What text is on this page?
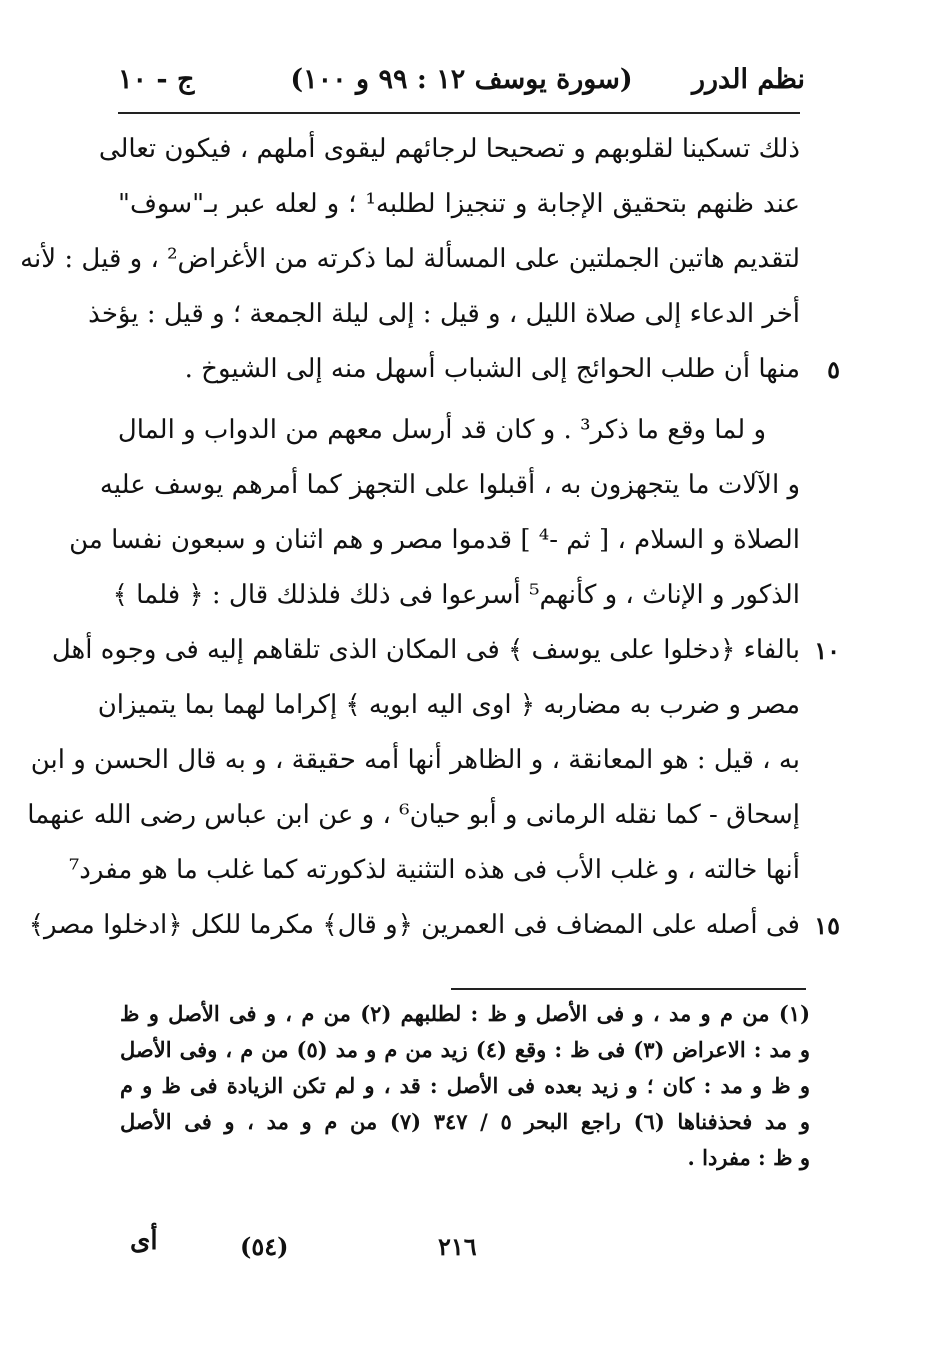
نظم الدرر
(سورة يوسف ١٢ : ٩٩ و ١٠٠)
ج - ١٠
ذلك تسكينا لقلوبهم و تصحيحا لرجائهم ليقوى أملهم ، فيكون تعالى
عند ظنهم بتحقيق الإجابة و تنجيزا لطلبه¹ ؛ و لعله عبر بـ"سوف"
لتقديم هاتين الجملتين على المسألة لما ذكرته من الأغراض² ، و قيل : لأنه
أخر الدعاء إلى صلاة الليل ، و قيل : إلى ليلة الجمعة ؛ و قيل : يؤخذ
٥
منها أن طلب الحوائج إلى الشباب أسهل منه إلى الشيوخ .
و لما وقع ما ذكر³ . و كان قد أرسل معهم من الدواب و المال
و الآلات ما يتجهزون به ، أقبلوا على التجهز كما أمرهم يوسف عليه
الصلاة و السلام ، [ ثم -⁴ ] قدموا مصر و هم اثنان و سبعون نفسا من
الذكور و الإناث ، و كأنهم⁵ أسرعوا فى ذلك فلذلك قال : ﴿ فلما ﴾
١٠
بالفاء ﴿دخلوا على يوسف ﴾ فى المكان الذى تلقاهم إليه فى وجوه أهل
مصر و ضرب به مضاربه ﴿ اوى اليه ابويه ﴾ إكراما لهما بما يتميزان
به ، قيل : هو المعانقة ، و الظاهر أنها أمه حقيقة ، و به قال الحسن و ابن
إسحاق - كما نقله الرمانى و أبو حيان⁶ ، و عن ابن عباس رضى الله عنهما
أنها خالته ، و غلب الأب فى هذه التثنية لذكورته كما غلب ما هو مفرد⁷
١٥
فى أصله على المضاف فى العمرين ﴿و قال﴾ مكرما للكل ﴿ادخلوا مصر﴾
(١) من م و مد ، و فى الأصل و ظ : لطلبهم (٢) من م ، و فى الأصل و ظ
و مد : الاعراض (٣) فى ظ : وقع (٤) زيد من م و مد (٥) من م ، وفى الأصل
و ظ و مد : كان ؛ و زيد بعده فى الأصل : قد ، و لم تكن الزيادة فى ظ و م
و مد فحذفناها (٦) راجع البحر ٥ / ٣٤٧ (٧) من م و مد ، و فى الأصل
و ظ : مفردا .
٢١٦
(٥٤)
أى
